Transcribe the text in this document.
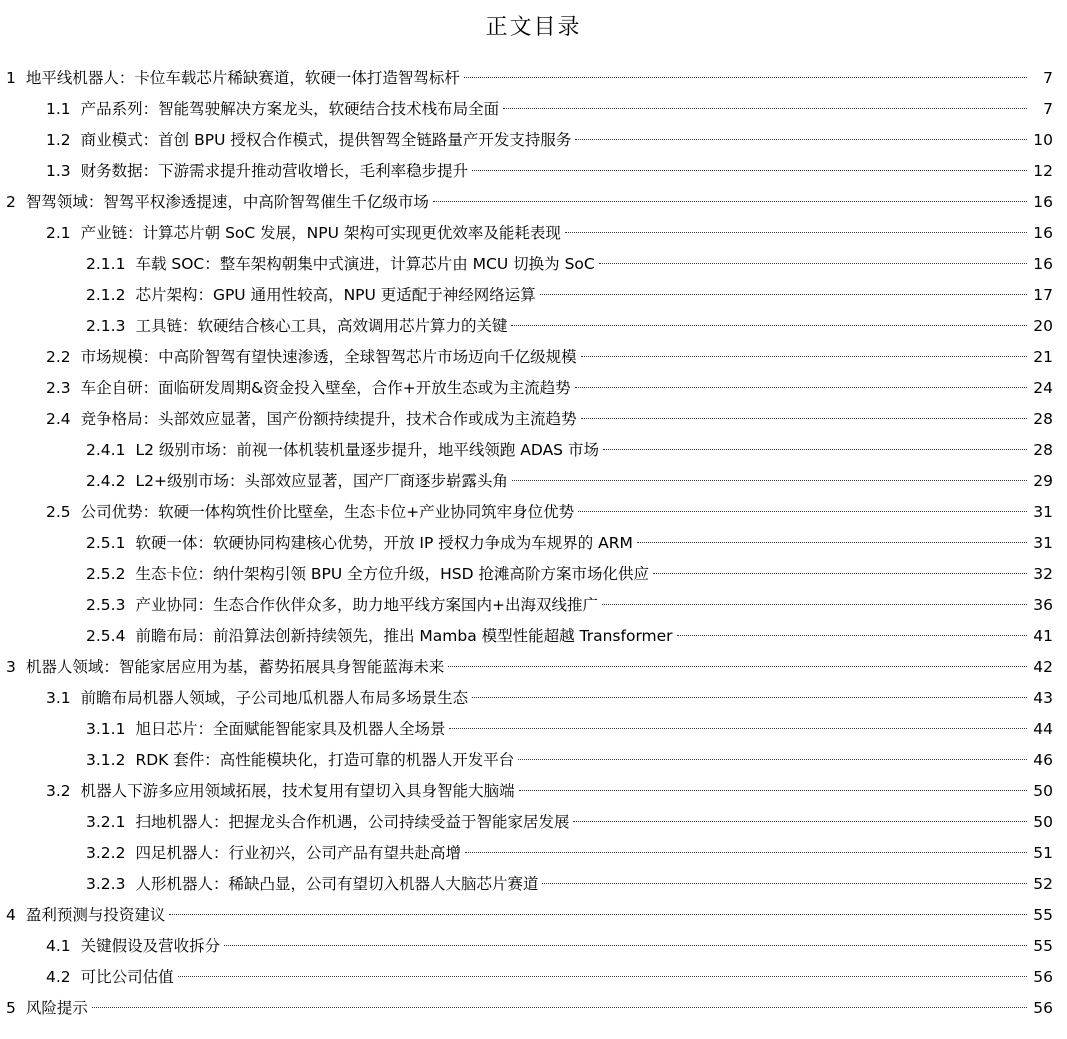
正文目录
1 地平线机器人：卡位车载芯片稀缺赛道，软硬一体打造智驾标杆	7
1.1 产品系列：智能驾驶解决方案龙头，软硬结合技术栈布局全面	7
1.2 商业模式：首创 BPU 授权合作模式，提供智驾全链路量产开发支持服务	10
1.3 财务数据：下游需求提升推动营收增长，毛利率稳步提升	12
2 智驾领域：智驾平权渗透提速，中高阶智驾催生千亿级市场	16
2.1 产业链：计算芯片朝 SoC 发展，NPU 架构可实现更优效率及能耗表现	16
2.1.1 车载 SOC：整车架构朝集中式演进，计算芯片由 MCU 切换为 SoC	16
2.1.2 芯片架构：GPU 通用性较高，NPU 更适配于神经网络运算	17
2.1.3 工具链：软硬结合核心工具，高效调用芯片算力的关键	20
2.2 市场规模：中高阶智驾有望快速渗透，全球智驾芯片市场迈向千亿级规模	21
2.3 车企自研：面临研发周期&资金投入壁垒，合作+开放生态或为主流趋势	24
2.4 竞争格局：头部效应显著，国产份额持续提升，技术合作或成为主流趋势	28
2.4.1 L2 级别市场：前视一体机装机量逐步提升，地平线领跑 ADAS 市场	28
2.4.2 L2+级别市场：头部效应显著，国产厂商逐步崭露头角	29
2.5 公司优势：软硬一体构筑性价比壁垒，生态卡位+产业协同筑牢身位优势	31
2.5.1 软硬一体：软硬协同构建核心优势，开放 IP 授权力争成为车规界的 ARM	31
2.5.2 生态卡位：纳什架构引领 BPU 全方位升级，HSD 抢滩高阶方案市场化供应	32
2.5.3 产业协同：生态合作伙伴众多，助力地平线方案国内+出海双线推广	36
2.5.4 前瞻布局：前沿算法创新持续领先，推出 Mamba 模型性能超越 Transformer	41
3 机器人领域：智能家居应用为基，蓄势拓展具身智能蓝海未来	42
3.1 前瞻布局机器人领域，子公司地瓜机器人布局多场景生态	43
3.1.1 旭日芯片：全面赋能智能家具及机器人全场景	44
3.1.2 RDK 套件：高性能模块化，打造可靠的机器人开发平台	46
3.2 机器人下游多应用领域拓展，技术复用有望切入具身智能大脑端	50
3.2.1 扫地机器人：把握龙头合作机遇，公司持续受益于智能家居发展	50
3.2.2 四足机器人：行业初兴，公司产品有望共赴高增	51
3.2.3 人形机器人：稀缺凸显，公司有望切入机器人大脑芯片赛道	52
4 盈利预测与投资建议	55
4.1 关键假设及营收拆分	55
4.2 可比公司估值	56
5 风险提示	56
